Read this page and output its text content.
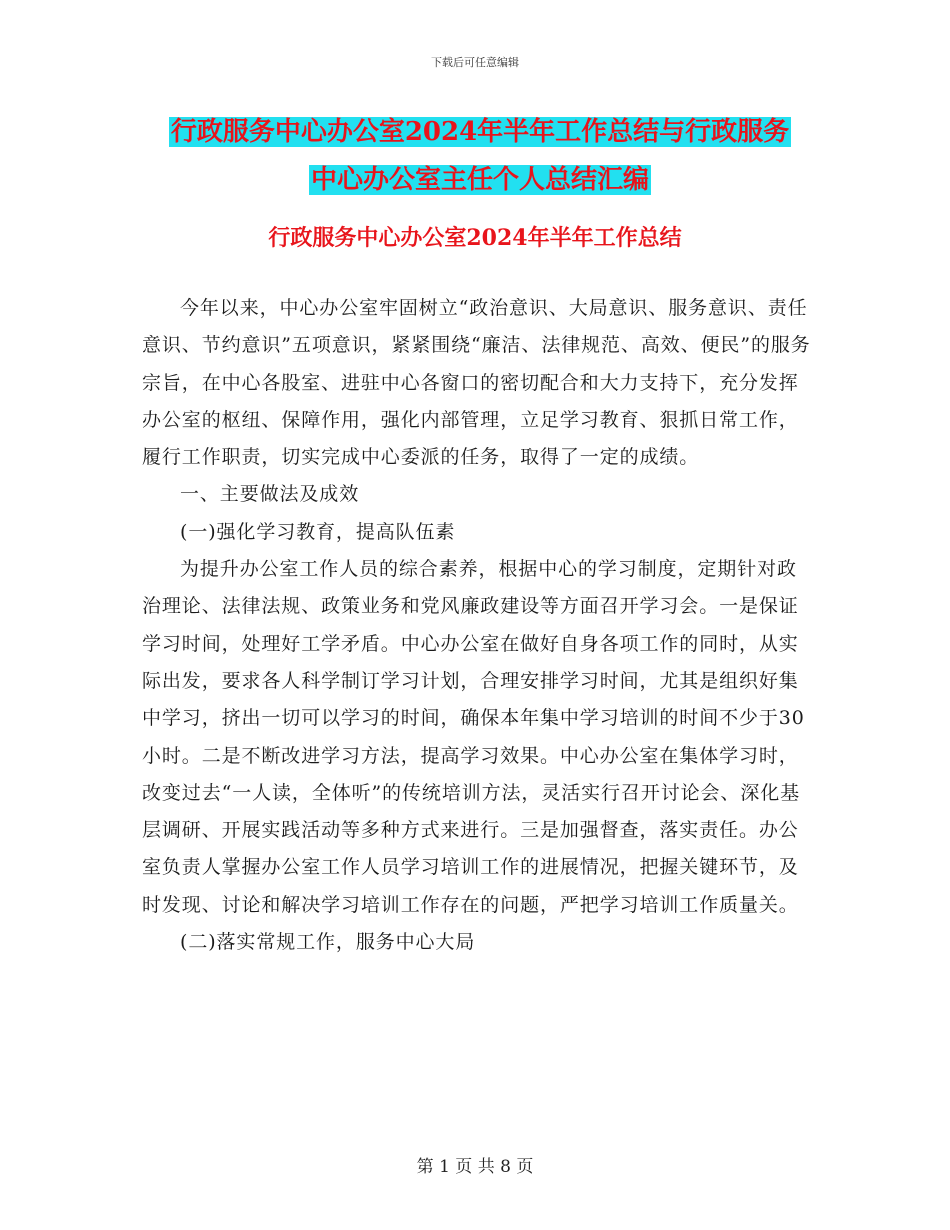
下载后可任意编辑
行政服务中心办公室2024年半年工作总结与行政服务
中心办公室主任个人总结汇编
行政服务中心办公室2024年半年工作总结

今年以来，中心办公室牢固树立“政治意识、大局意识、服务意识、责任意识、节约意识”五项意识，紧紧围绕“廉洁、法律规范、高效、便民”的服务宗旨，在中心各股室、进驻中心各窗口的密切配合和大力支持下，充分发挥办公室的枢纽、保障作用，强化内部管理，立足学习教育、狠抓日常工作，履行工作职责，切实完成中心委派的任务，取得了一定的成绩。

一、主要做法及成效

(一)强化学习教育，提高队伍素

为提升办公室工作人员的综合素养，根据中心的学习制度，定期针对政治理论、法律法规、政策业务和党风廉政建设等方面召开学习会。一是保证学习时间，处理好工学矛盾。中心办公室在做好自身各项工作的同时，从实际出发，要求各人科学制订学习计划，合理安排学习时间，尤其是组织好集中学习，挤出一切可以学习的时间，确保本年集中学习培训的时间不少于30小时。二是不断改进学习方法，提高学习效果。中心办公室在集体学习时，改变过去“一人读，全体听”的传统培训方法，灵活实行召开讨论会、深化基层调研、开展实践活动等多种方式来进行。三是加强督查，落实责任。办公室负责人掌握办公室工作人员学习培训工作的进展情况，把握关键环节，及时发现、讨论和解决学习培训工作存在的问题，严把学习培训工作质量关。

(二)落实常规工作，服务中心大局

第 1 页 共 8 页
